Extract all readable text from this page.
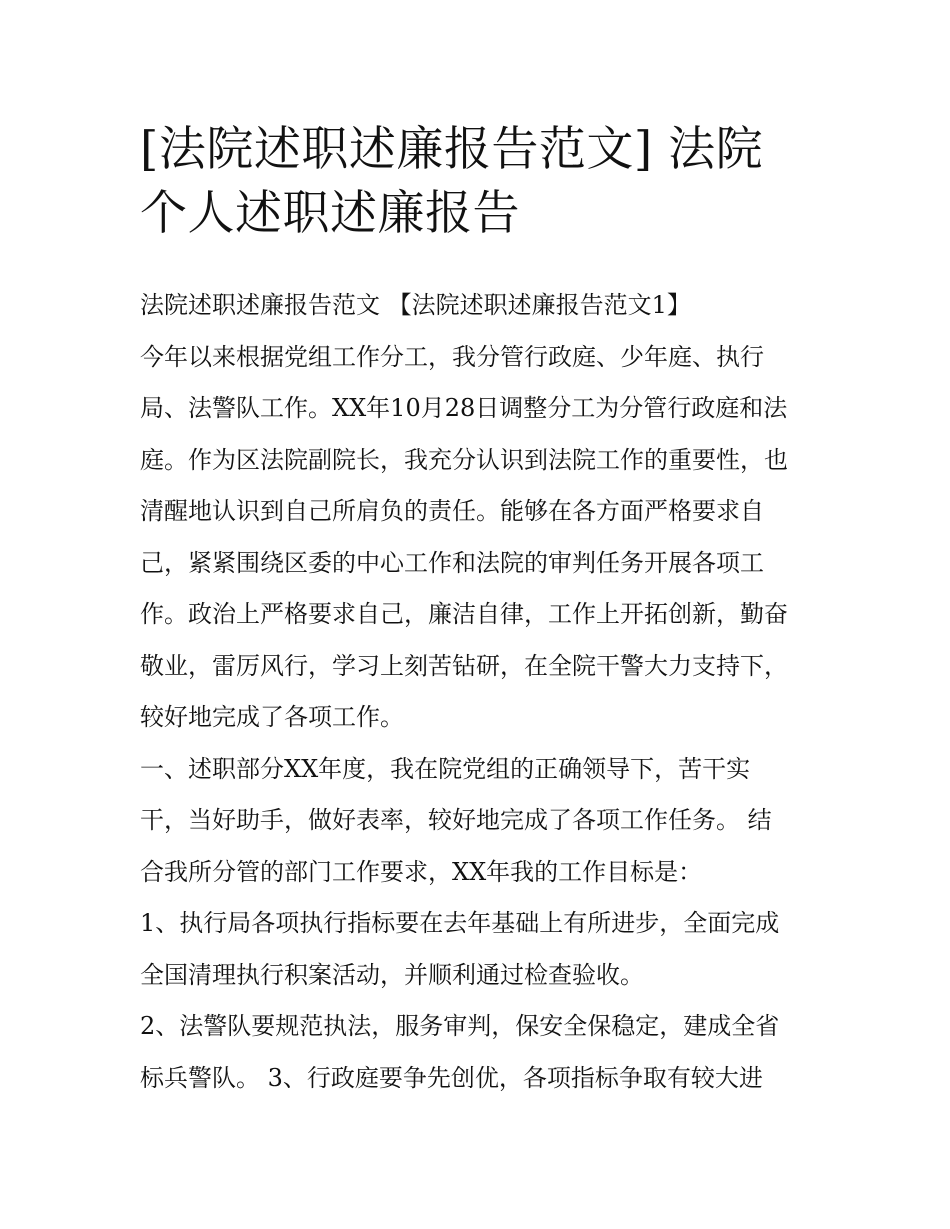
[法院述职述廉报告范文] 法院
个人述职述廉报告
法院述职述廉报告范文 【法院述职述廉报告范文1】
今年以来根据党组工作分工，我分管行政庭、少年庭、执行
局、法警队工作。XX年10月28日调整分工为分管行政庭和法
庭。作为区法院副院长，我充分认识到法院工作的重要性，也
清醒地认识到自己所肩负的责任。能够在各方面严格要求自
己，紧紧围绕区委的中心工作和法院的审判任务开展各项工
作。政治上严格要求自己，廉洁自律，工作上开拓创新，勤奋
敬业，雷厉风行，学习上刻苦钻研，在全院干警大力支持下，
较好地完成了各项工作。
一、述职部分XX年度，我在院党组的正确领导下，苦干实
干，当好助手，做好表率，较好地完成了各项工作任务。 结
合我所分管的部门工作要求，XX年我的工作目标是：
1、执行局各项执行指标要在去年基础上有所进步，全面完成
全国清理执行积案活动，并顺利通过检查验收。
2、法警队要规范执法，服务审判，保安全保稳定，建成全省
标兵警队。 3、行政庭要争先创优，各项指标争取有较大进
